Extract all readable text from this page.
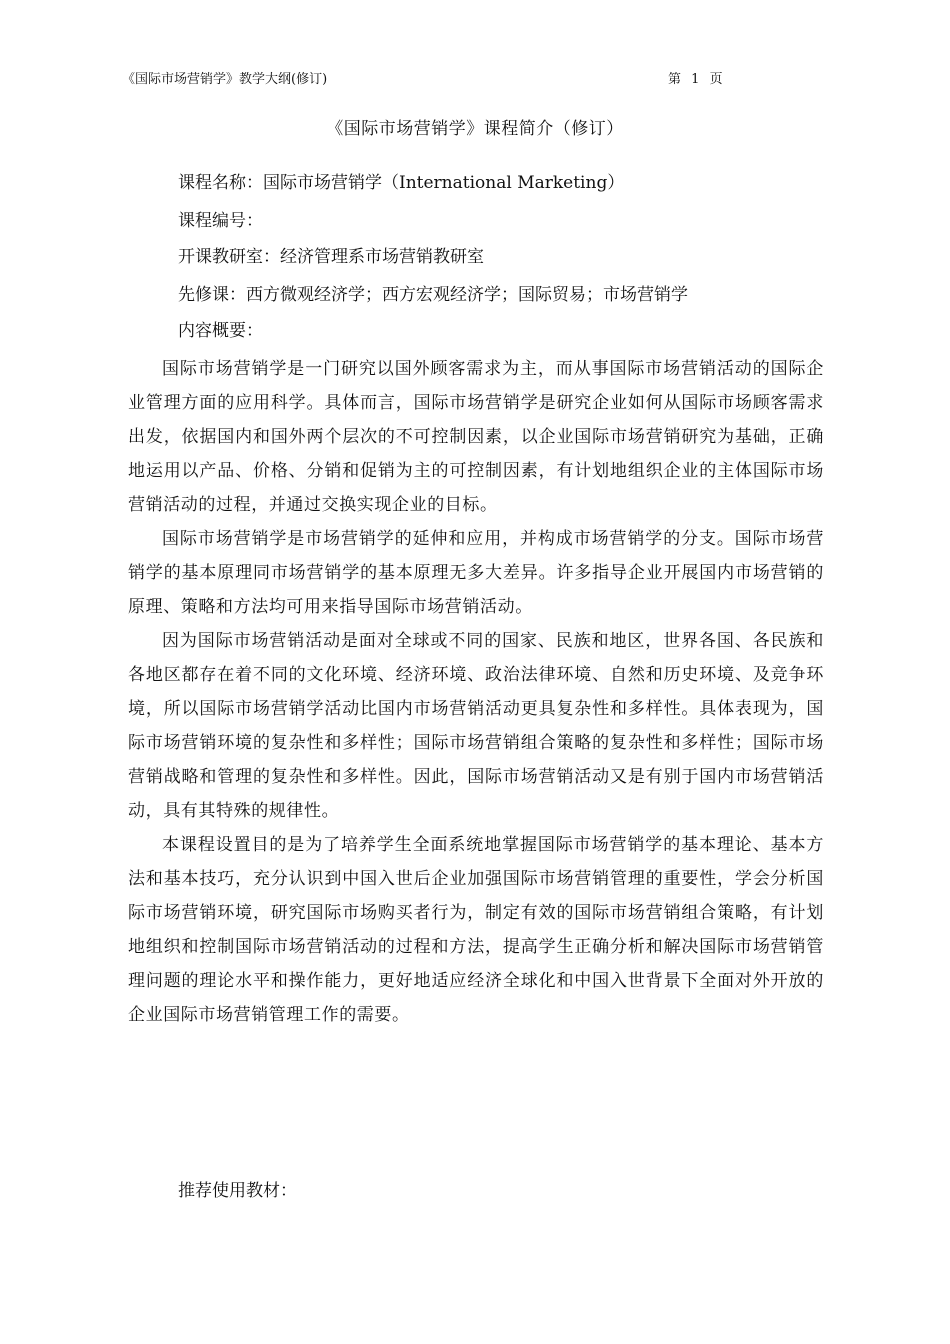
《国际市场营销学》教学大纲(修订)	第 1 页
《国际市场营销学》课程简介（修订）
课程名称：国际市场营销学（International Marketing）
课程编号：
开课教研室：经济管理系市场营销教研室
先修课：西方微观经济学；西方宏观经济学；国际贸易；市场营销学
内容概要：

国际市场营销学是一门研究以国外顾客需求为主，而从事国际市场营销活动的国际企业管理方面的应用科学。具体而言，国际市场营销学是研究企业如何从国际市场顾客需求出发，依据国内和国外两个层次的不可控制因素，以企业国际市场营销研究为基础，正确地运用以产品、价格、分销和促销为主的可控制因素，有计划地组织企业的主体国际市场营销活动的过程，并通过交换实现企业的目标。

国际市场营销学是市场营销学的延伸和应用，并构成市场营销学的分支。国际市场营销学的基本原理同市场营销学的基本原理无多大差异。许多指导企业开展国内市场营销的原理、策略和方法均可用来指导国际市场营销活动。

因为国际市场营销活动是面对全球或不同的国家、民族和地区，世界各国、各民族和各地区都存在着不同的文化环境、经济环境、政治法律环境、自然和历史环境、及竞争环境，所以国际市场营销学活动比国内市场营销活动更具复杂性和多样性。具体表现为，国际市场营销环境的复杂性和多样性；国际市场营销组合策略的复杂性和多样性；国际市场营销战略和管理的复杂性和多样性。因此，国际市场营销活动又是有别于国内市场营销活动，具有其特殊的规律性。

本课程设置目的是为了培养学生全面系统地掌握国际市场营销学的基本理论、基本方法和基本技巧，充分认识到中国入世后企业加强国际市场营销管理的重要性，学会分析国际市场营销环境，研究国际市场购买者行为，制定有效的国际市场营销组合策略，有计划地组织和控制国际市场营销活动的过程和方法，提高学生正确分析和解决国际市场营销管理问题的理论水平和操作能力，更好地适应经济全球化和中国入世背景下全面对外开放的企业国际市场营销管理工作的需要。

推荐使用教材：
